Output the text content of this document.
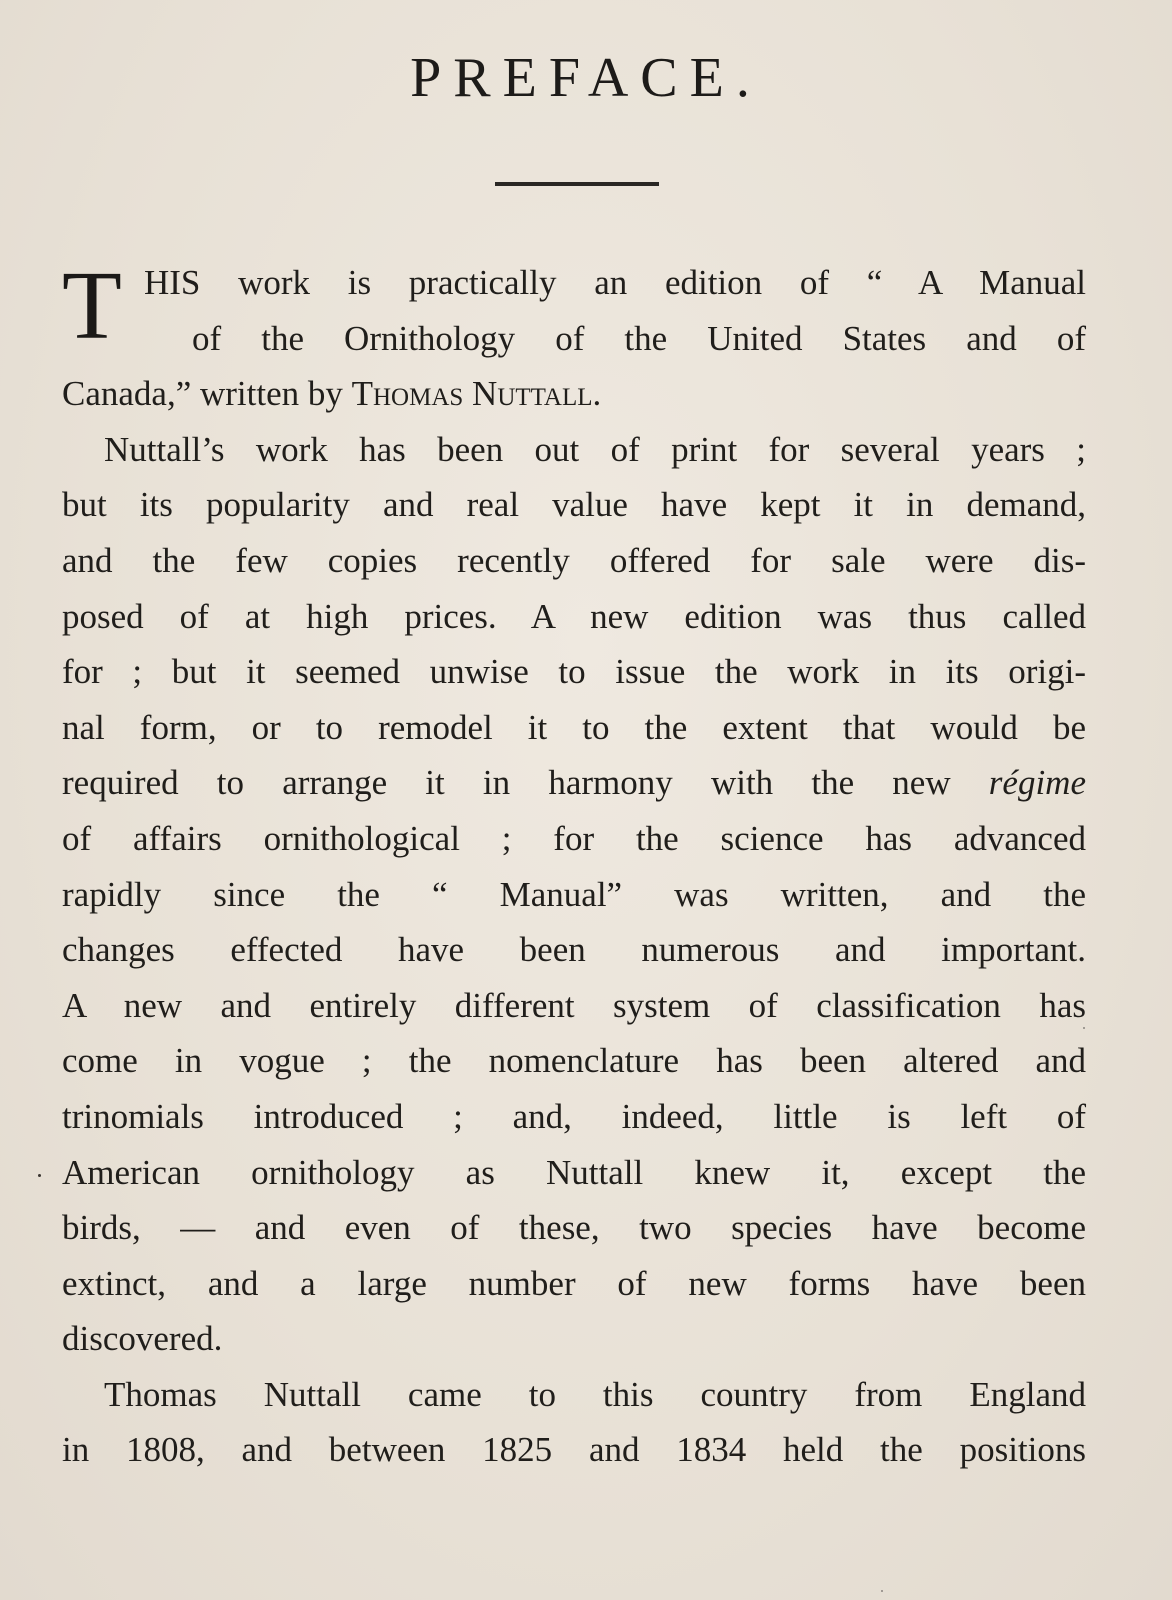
PREFACE.
T HIS work is practically an edition of “ A Manual
of the Ornithology of the United States and of
Canada,” written by Thomas Nuttall.
Nuttall’s work has been out of print for several years ;
but its popularity and real value have kept it in demand,
and the few copies recently offered for sale were dis-
posed of at high prices. A new edition was thus called
for ; but it seemed unwise to issue the work in its origi-
nal form, or to remodel it to the extent that would be
required to arrange it in harmony with the new régime
of affairs ornithological ; for the science has advanced
rapidly since the “ Manual” was written, and the
changes effected have been numerous and important.
A new and entirely different system of classification has
come in vogue ; the nomenclature has been altered and
trinomials introduced ; and, indeed, little is left of
American ornithology as Nuttall knew it, except the
birds, — and even of these, two species have become
extinct, and a large number of new forms have been
discovered.
Thomas Nuttall came to this country from England
in 1808, and between 1825 and 1834 held the positions
